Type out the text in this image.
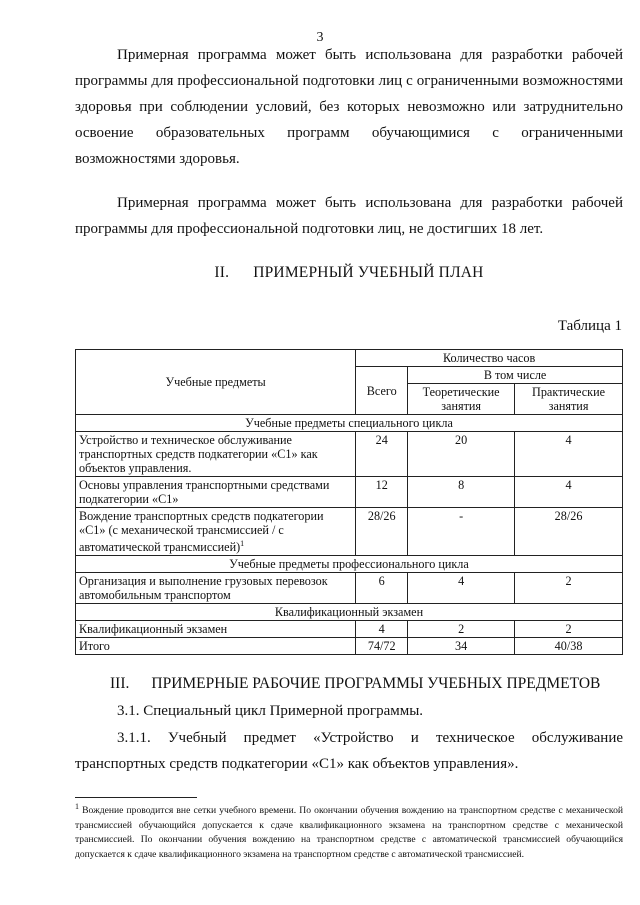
3

Примерная программа может быть использована для разработки рабочей программы для профессиональной подготовки лиц с ограниченными возможностями здоровья при соблюдении условий, без которых невозможно или затруднительно освоение образовательных программ обучающимися с ограниченными возможностями здоровья.

Примерная программа может быть использована для разработки рабочей программы для профессиональной подготовки лиц, не достигших 18 лет.

II. ПРИМЕРНЫЙ УЧЕБНЫЙ ПЛАН
Таблица 1
Учебные предметы	Количество часов		
	Всего	В том числе	
		Теоретические занятия	Практические занятия
Учебные предметы специального цикла			
Устройство и техническое обслуживание транспортных средств подкатегории «С1» как объектов управления.	24	20	4
Основы управления транспортными средствами подкатегории «С1»	12	8	4
Вождение транспортных средств подкатегории «С1» (с механической трансмиссией / с автоматической трансмиссией)$^1$	28/26	-	28/26
Учебные предметы профессионального цикла			
Организация и выполнение грузовых перевозок автомобильным транспортом	6	4	2
Квалификационный экзамен			
Квалификационный экзамен	4	2	2
Итого	74/72	34	40/38
III. ПРИМЕРНЫЕ РАБОЧИЕ ПРОГРАММЫ УЧЕБНЫХ ПРЕДМЕТОВ
3.1. Специальный цикл Примерной программы.

3.1.1. Учебный предмет «Устройство и техническое обслуживание транспортных средств подкатегории «С1» как объектов управления».

$^1$ Вождение проводится вне сетки учебного времени. По окончании обучения вождению на транспортном средстве с механической трансмиссией обучающийся допускается к сдаче квалификационного экзамена на транспортном средстве с механической трансмиссией. По окончании обучения вождению на транспортном средстве с автоматической трансмиссией обучающийся допускается к сдаче квалификационного экзамена на транспортном средстве с автоматической трансмиссией.
